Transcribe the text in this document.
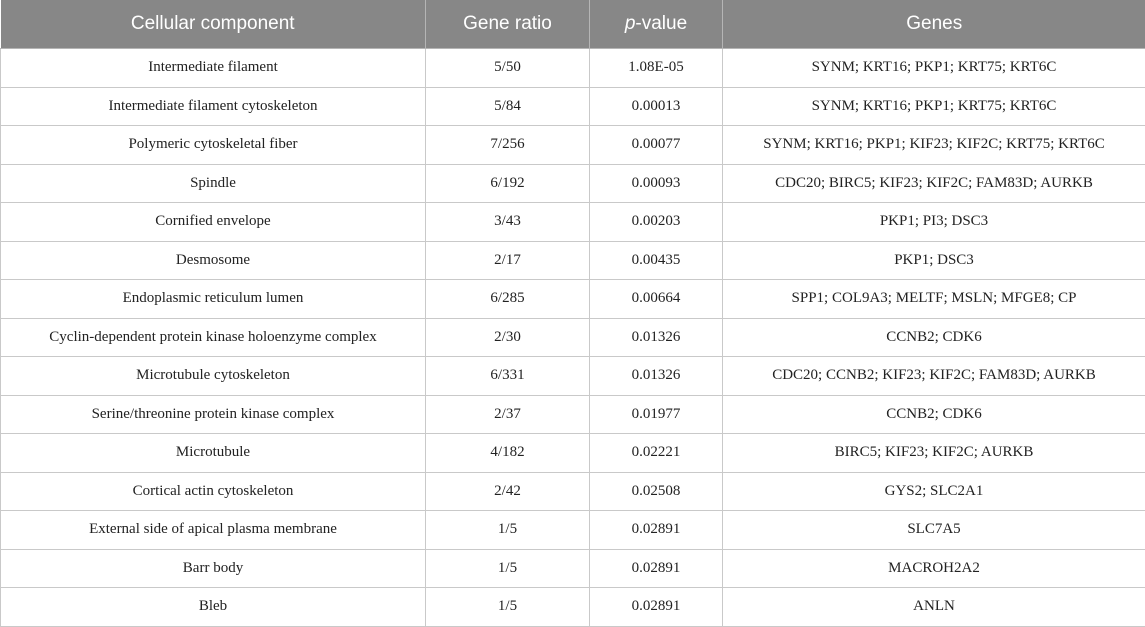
Cellular component	Gene ratio	p-value	Genes
Intermediate filament	5/50	1.08E-05	SYNM; KRT16; PKP1; KRT75; KRT6C
Intermediate filament cytoskeleton	5/84	0.00013	SYNM; KRT16; PKP1; KRT75; KRT6C
Polymeric cytoskeletal fiber	7/256	0.00077	SYNM; KRT16; PKP1; KIF23; KIF2C; KRT75; KRT6C
Spindle	6/192	0.00093	CDC20; BIRC5; KIF23; KIF2C; FAM83D; AURKB
Cornified envelope	3/43	0.00203	PKP1; PI3; DSC3
Desmosome	2/17	0.00435	PKP1; DSC3
Endoplasmic reticulum lumen	6/285	0.00664	SPP1; COL9A3; MELTF; MSLN; MFGE8; CP
Cyclin-dependent protein kinase holoenzyme complex	2/30	0.01326	CCNB2; CDK6
Microtubule cytoskeleton	6/331	0.01326	CDC20; CCNB2; KIF23; KIF2C; FAM83D; AURKB
Serine/threonine protein kinase complex	2/37	0.01977	CCNB2; CDK6
Microtubule	4/182	0.02221	BIRC5; KIF23; KIF2C; AURKB
Cortical actin cytoskeleton	2/42	0.02508	GYS2; SLC2A1
External side of apical plasma membrane	1/5	0.02891	SLC7A5
Barr body	1/5	0.02891	MACROH2A2
Bleb	1/5	0.02891	ANLN
